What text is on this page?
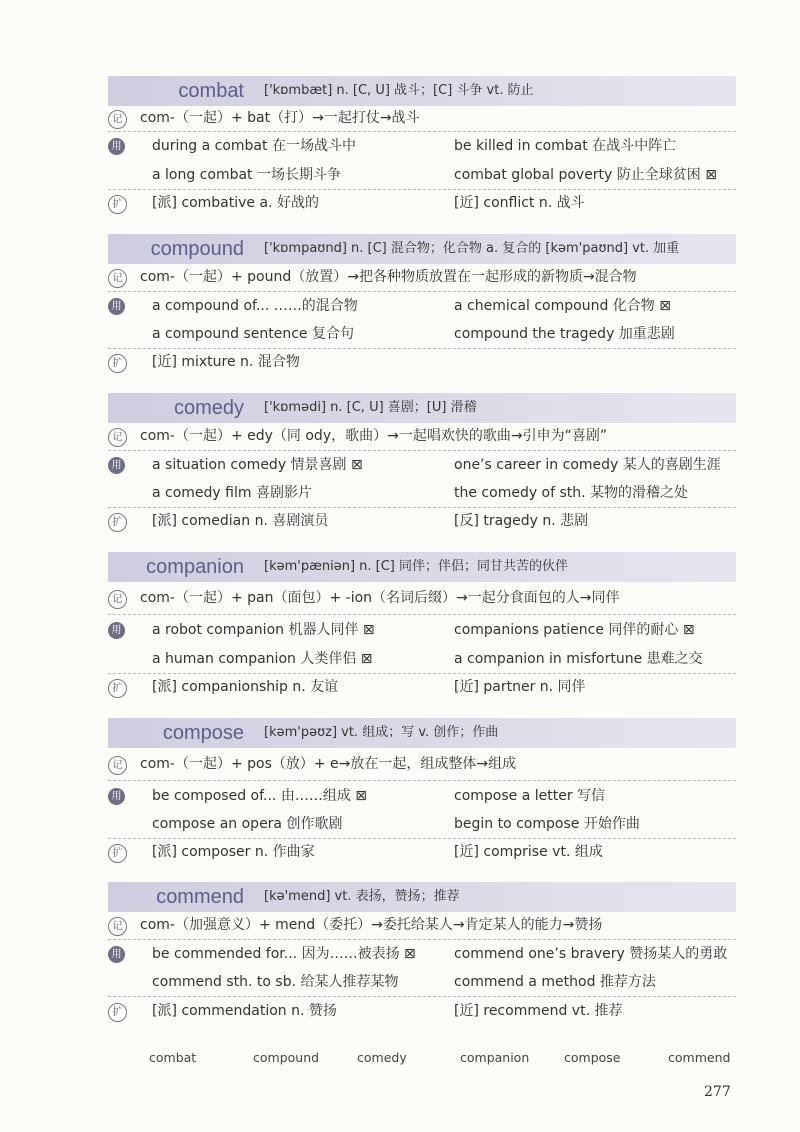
combat ['kɒmbæt] n. [C, U] 战斗；[C] 斗争 vt. 防止
记	com-（一起）+ bat（打）→一起打仗→战斗
用 during a combat 在一场战斗中	be killed in combat 在战斗中阵亡
a long combat 一场长期斗争	combat global poverty 防止全球贫困 ⊠
扩	[派] combative a. 好战的	[近] conflict n. 战斗
compound ['kɒmpaʊnd] n. [C] 混合物；化合物 a. 复合的 [kəm'paʊnd] vt. 加重
记	com-（一起）+ pound（放置）→把各种物质放置在一起形成的新物质→混合物
用 a compound of... ……的混合物	a chemical compound 化合物 ⊠
a compound sentence 复合句	compound the tragedy 加重悲剧
扩	[近] mixture n. 混合物
comedy ['kɒmədi] n. [C, U] 喜剧；[U] 滑稽
记	com-（一起）+ edy（同 ody，歌曲）→一起唱欢快的歌曲→引申为“喜剧”
用 a situation comedy 情景喜剧 ⊠	one’s career in comedy 某人的喜剧生涯
a comedy film 喜剧影片	the comedy of sth. 某物的滑稽之处
扩	[派] comedian n. 喜剧演员	[反] tragedy n. 悲剧
companion [kəm'pæniən] n. [C] 同伴；伴侣；同甘共苦的伙伴
记	com-（一起）+ pan（面包）+ -ion（名词后缀）→一起分食面包的人→同伴
用 a robot companion 机器人同伴 ⊠	companions patience 同伴的耐心 ⊠
a human companion 人类伴侣 ⊠	a companion in misfortune 患难之交
扩	[派] companionship n. 友谊	[近] partner n. 同伴
compose [kəm'pəʊz] vt. 组成；写 v. 创作；作曲
记	com-（一起）+ pos（放）+ e→放在一起，组成整体→组成
用 be composed of... 由……组成 ⊠	compose a letter 写信
compose an opera 创作歌剧	begin to compose 开始作曲
扩	[派] composer n. 作曲家	[近] comprise vt. 组成
commend [kə'mend] vt. 表扬，赞扬；推荐
记	com-（加强意义）+ mend（委托）→委托给某人→肯定某人的能力→赞扬
用 be commended for... 因为……被表扬 ⊠	commend one’s bravery 赞扬某人的勇敢
commend sth. to sb. 给某人推荐某物	commend a method 推荐方法
扩	[派] commendation n. 赞扬	[近] recommend vt. 推荐
combat	compound	comedy	companion	compose	commend
277
